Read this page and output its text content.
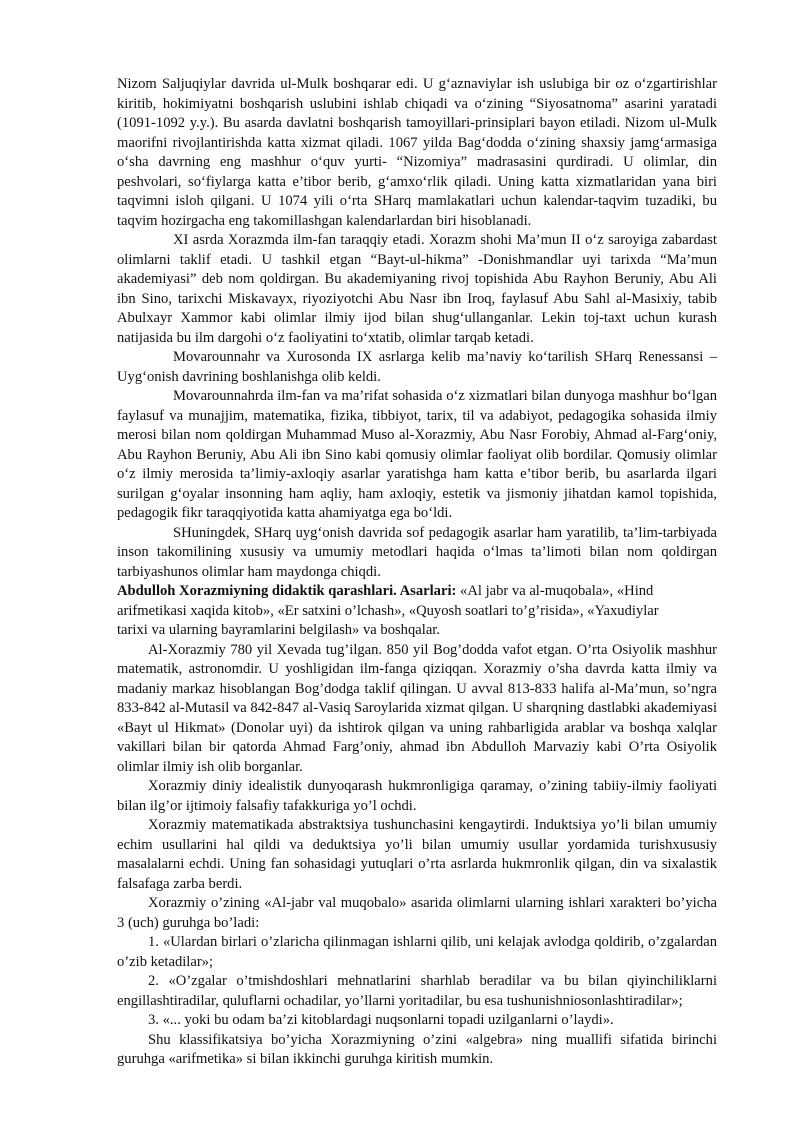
Nizom Saljuqiylar davrida ul-Mulk boshqarar edi. U g‘aznaviylar ish uslubiga bir oz o‘zgartirishlar kiritib, hokimiyatni boshqarish uslubini ishlab chiqadi va o‘zining “Siyosatnoma” asarini yaratadi (1091-1092 y.y.). Bu asarda davlatni boshqarish tamoyillari-prinsiplari bayon etiladi. Nizom ul-Mulk maorifni rivojlantirishda katta xizmat qiladi. 1067 yilda Bag‘dodda o‘zining shaxsiy jamg‘armasiga o‘sha davrning eng mashhur o‘quv yurti- “Nizomiya” madrasasini qurdiradi. U olimlar, din peshvolari, so‘fiylarga katta e’tibor berib, g‘amxo‘rlik qiladi. Uning katta xizmatlaridan yana biri taqvimni isloh qilgani. U 1074 yili o‘rta SHarq mamlakatlari uchun kalendar-taqvim tuzadiki, bu taqvim hozirgacha eng takomillashgan kalendarlardan biri hisoblanadi.

XI asrda Xorazmda ilm-fan taraqqiy etadi. Xorazm shohi Ma’mun II o‘z saroyiga zabardast olimlarni taklif etadi. U tashkil etgan “Bayt-ul-hikma” -Donishmandlar uyi tarixda “Ma’mun akademiyasi” deb nom qoldirgan. Bu akademiyaning rivoj topishida Abu Rayhon Beruniy, Abu Ali ibn Sino, tarixchi Miskavayx, riyoziyotchi Abu Nasr ibn Iroq, faylasuf Abu Sahl al-Masixiy, tabib Abulxayr Xammor kabi olimlar ilmiy ijod bilan shug‘ullanganlar. Lekin toj-taxt uchun kurash natijasida bu ilm dargohi o‘z faoliyatini to‘xtatib, olimlar tarqab ketadi.

Movarounnahr va Xurosonda IX asrlarga kelib ma’naviy ko‘tarilish SHarq Renessansi – Uyg‘onish davrining boshlanishga olib keldi.

Movarounnahrda ilm-fan va ma’rifat sohasida o‘z xizmatlari bilan dunyoga mashhur bo‘lgan faylasuf va munajjim, matematika, fizika, tibbiyot, tarix, til va adabiyot, pedagogika sohasida ilmiy merosi bilan nom qoldirgan Muhammad Muso al-Xorazmiy, Abu Nasr Forobiy, Ahmad al-Farg‘oniy, Abu Rayhon Beruniy, Abu Ali ibn Sino kabi qomusiy olimlar faoliyat olib bordilar. Qomusiy olimlar o‘z ilmiy merosida ta’limiy-axloqiy asarlar yaratishga ham katta e’tibor berib, bu asarlarda ilgari surilgan g‘oyalar insonning ham aqliy, ham axloqiy, estetik va jismoniy jihatdan kamol topishida, pedagogik fikr taraqqiyotida katta ahamiyatga ega bo‘ldi.

SHuningdek, SHarq uyg‘onish davrida sof pedagogik asarlar ham yaratilib, ta’lim-tarbiyada inson takomilining xususiy va umumiy metodlari haqida o‘lmas ta’limoti bilan nom qoldirgan tarbiyashunos olimlar ham maydonga chiqdi.

Abdulloh Xorazmiyning didaktik qarashlari. Asarlari: «Al jabr va al-muqobala», «Hind

arifmetikasi xaqida kitob», «Er satxini o’lchash», «Quyosh soatlari to’g’risida», «Yaxudiylar

tarixi va ularning bayramlarini belgilash» va boshqalar.

Al-Xorazmiy 780 yil Xevada tug’ilgan. 850 yil Bog’dodda vafot etgan. O’rta Osiyolik mashhur matematik, astronomdir. U yoshligidan ilm-fanga qiziqqan. Xorazmiy o’sha davrda katta ilmiy va madaniy markaz hisoblangan Bog’dodga taklif qilingan. U avval 813-833 halifa al-Ma’mun, so’ngra 833-842 al-Mutasil va 842-847 al-Vasiq Saroylarida xizmat qilgan. U sharqning dastlabki akademiyasi «Bayt ul Hikmat» (Donolar uyi) da ishtirok qilgan va uning rahbarligida arablar va boshqa xalqlar vakillari bilan bir qatorda Ahmad Farg’oniy, ahmad ibn Abdulloh Marvaziy kabi O’rta Osiyolik olimlar ilmiy ish olib borganlar.

Xorazmiy diniy idealistik dunyoqarash hukmronligiga qaramay, o’zining tabiiy-ilmiy faoliyati bilan ilg’or ijtimoiy falsafiy tafakkuriga yo’l ochdi.

Xorazmiy matematikada abstraktsiya tushunchasini kengaytirdi. Induktsiya yo’li bilan umumiy echim usullarini hal qildi va deduktsiya yo’li bilan umumiy usullar yordamida turishxususiy masalalarni echdi. Uning fan sohasidagi yutuqlari o’rta asrlarda hukmronlik qilgan, din va sixalastik falsafaga zarba berdi.

Xorazmiy o’zining «Al-jabr val muqobalo» asarida olimlarni ularning ishlari xarakteri bo’yicha 3 (uch) guruhga bo’ladi:

1. «Ulardan birlari o’zlaricha qilinmagan ishlarni qilib, uni kelajak avlodga qoldirib, o’zgalardan o’zib ketadilar»;

2. «O’zgalar o’tmishdoshlari mehnatlarini sharhlab beradilar va bu bilan qiyinchiliklarni engillashtiradilar, quluflarni ochadilar, yo’llarni yoritadilar, bu esa tushunishniosonlashtiradilar»;

3. «... yoki bu odam ba’zi kitoblardagi nuqsonlarni topadi uzilganlarni o’laydi».

Shu klassifikatsiya bo’yicha Xorazmiyning o’zini «algebra» ning muallifi sifatida birinchi guruhga «arifmetika» si bilan ikkinchi guruhga kiritish mumkin.
